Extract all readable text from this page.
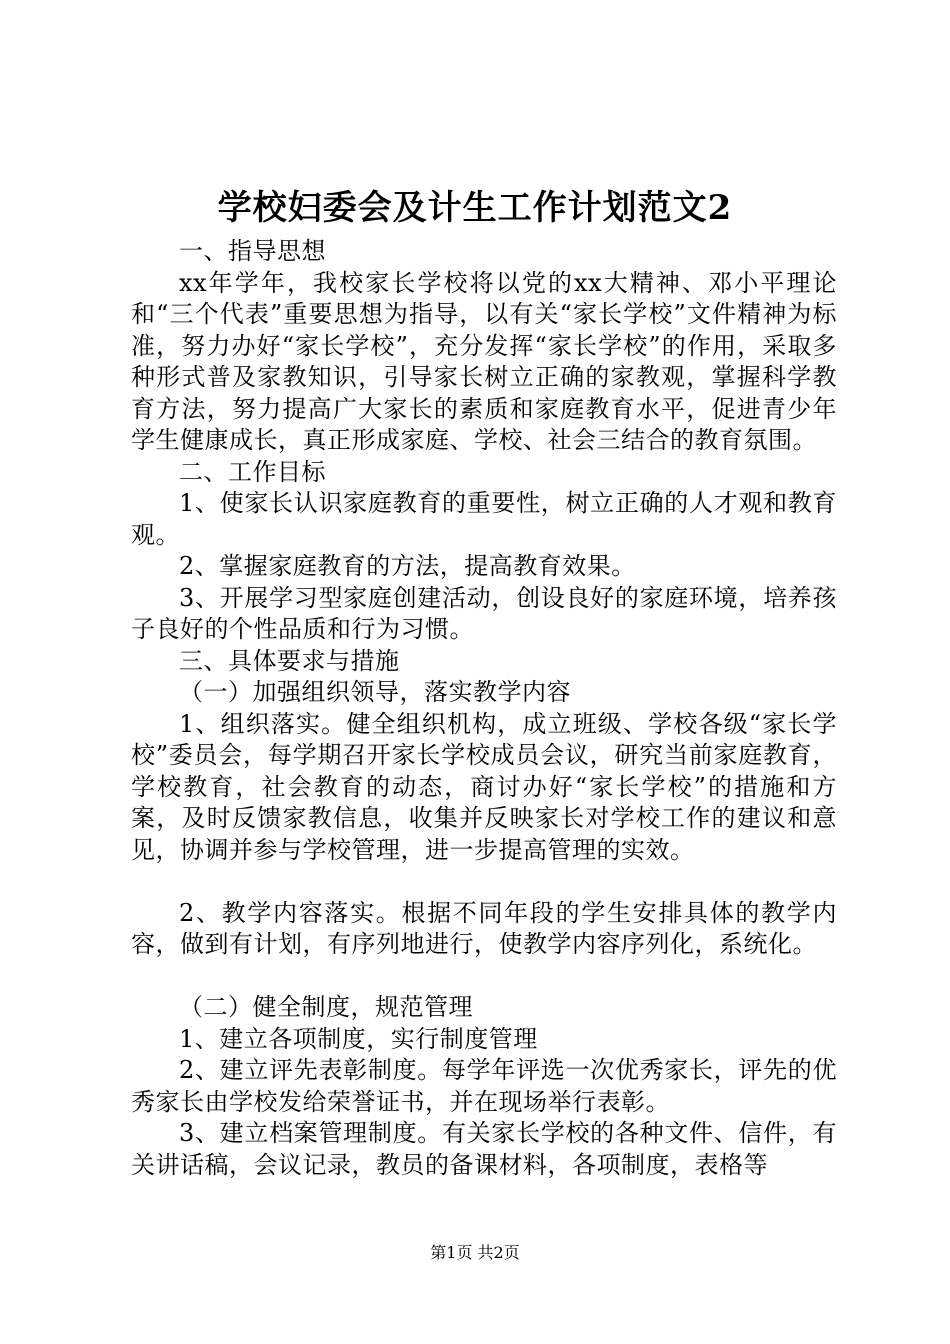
学校妇委会及计生工作计划范文2

一、指导思想

xx年学年，我校家长学校将以党的xx大精神、邓小平理论和“三个代表”重要思想为指导，以有关“家长学校”文件精神为标准，努力办好“家长学校”，充分发挥“家长学校”的作用，采取多种形式普及家教知识，引导家长树立正确的家教观，掌握科学教育方法，努力提高广大家长的素质和家庭教育水平，促进青少年学生健康成长，真正形成家庭、学校、社会三结合的教育氛围。

二、工作目标

1、使家长认识家庭教育的重要性，树立正确的人才观和教育观。

2、掌握家庭教育的方法，提高教育效果。

3、开展学习型家庭创建活动，创设良好的家庭环境，培养孩子良好的个性品质和行为习惯。

三、具体要求与措施

（一）加强组织领导，落实教学内容

1、组织落实。健全组织机构，成立班级、学校各级“家长学校”委员会，每学期召开家长学校成员会议，研究当前家庭教育，学校教育，社会教育的动态，商讨办好“家长学校”的措施和方案，及时反馈家教信息，收集并反映家长对学校工作的建议和意见，协调并参与学校管理，进一步提高管理的实效。

2、教学内容落实。根据不同年段的学生安排具体的教学内容，做到有计划，有序列地进行，使教学内容序列化，系统化。

（二）健全制度，规范管理

1、建立各项制度，实行制度管理

2、建立评先表彰制度。每学年评选一次优秀家长，评先的优秀家长由学校发给荣誉证书，并在现场举行表彰。

3、建立档案管理制度。有关家长学校的各种文件、信件，有关讲话稿，会议记录，教员的备课材料，各项制度，表格等

第1页 共2页
